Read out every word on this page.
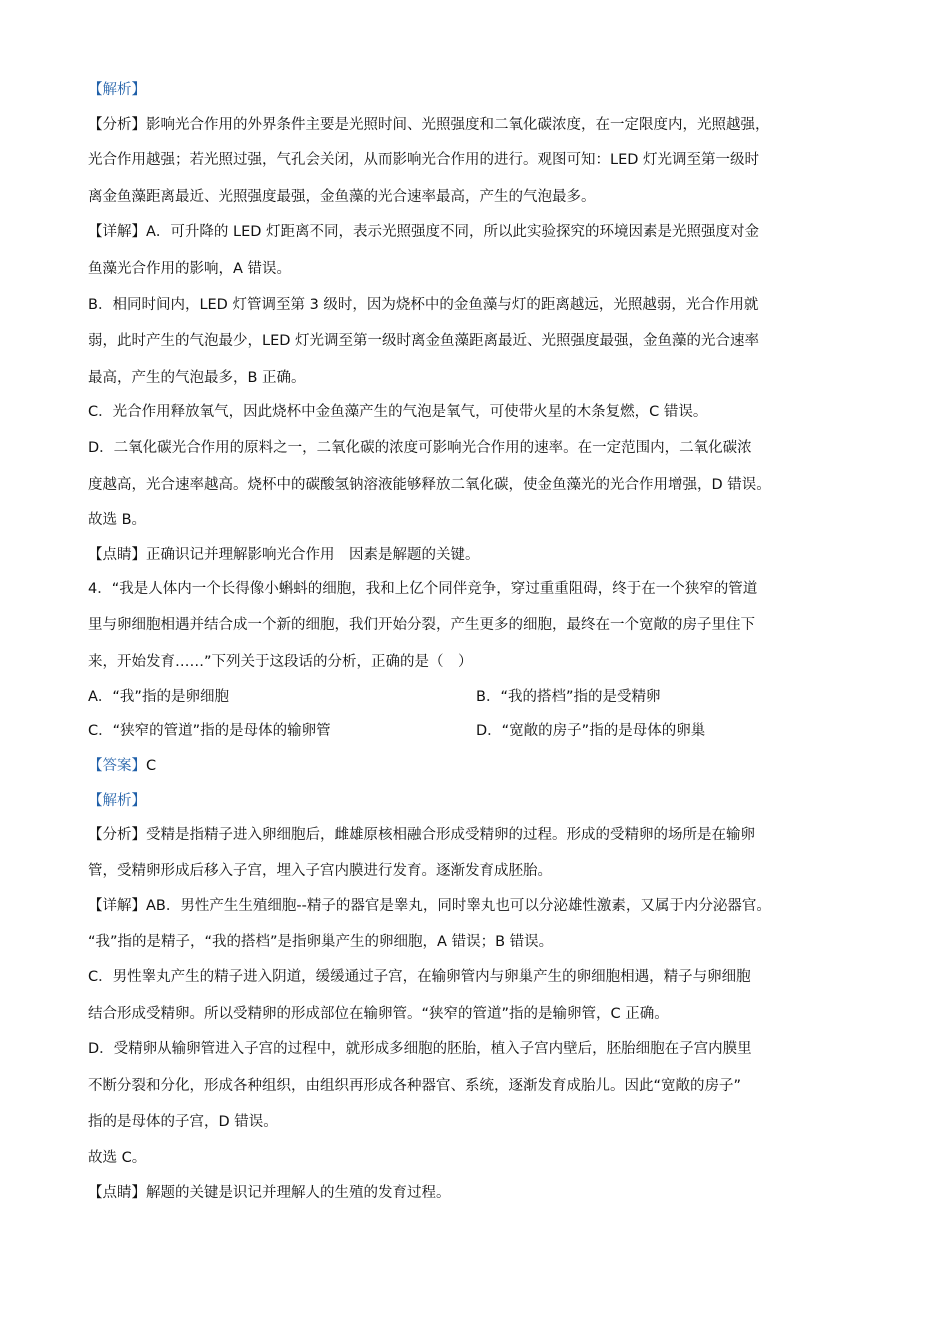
【解析】
【分析】影响光合作用的外界条件主要是光照时间、光照强度和二氧化碳浓度，在一定限度内，光照越强，
光合作用越强；若光照过强，气孔会关闭，从而影响光合作用的进行。观图可知：LED 灯光调至第一级时
离金鱼藻距离最近、光照强度最强，金鱼藻的光合速率最高，产生的气泡最多。
【详解】A．可升降的 LED 灯距离不同，表示光照强度不同，所以此实验探究的环境因素是光照强度对金
鱼藻光合作用的影响，A 错误。
B．相同时间内，LED 灯管调至第 3 级时，因为烧杯中的金鱼藻与灯的距离越远，光照越弱，光合作用就
弱，此时产生的气泡最少，LED 灯光调至第一级时离金鱼藻距离最近、光照强度最强，金鱼藻的光合速率
最高，产生的气泡最多，B 正确。
C．光合作用释放氧气，因此烧杯中金鱼藻产生的气泡是氧气，可使带火星的木条复燃，C 错误。
D．二氧化碳光合作用的原料之一，二氧化碳的浓度可影响光合作用的速率。在一定范围内，二氧化碳浓
度越高，光合速率越高。烧杯中的碳酸氢钠溶液能够释放二氧化碳，使金鱼藻光的光合作用增强，D 错误。
故选 B。
【点睛】正确识记并理解影响光合作用　因素是解题的关键。
4．“我是人体内一个长得像小蝌蚪的细胞，我和上亿个同伴竞争，穿过重重阻碍，终于在一个狭窄的管道
里与卵细胞相遇并结合成一个新的细胞，我们开始分裂，产生更多的细胞，最终在一个宽敞的房子里住下
来，开始发育……”下列关于这段话的分析，正确的是（　）
A．“我”指的是卵细胞	B．“我的搭档”指的是受精卵
C．“狭窄的管道”指的是母体的输卵管	D．“宽敞的房子”指的是母体的卵巢
【答案】C
【解析】
【分析】受精是指精子进入卵细胞后，雌雄原核相融合形成受精卵的过程。形成的受精卵的场所是在输卵
管，受精卵形成后移入子宫，埋入子宫内膜进行发育。逐渐发育成胚胎。
【详解】AB．男性产生生殖细胞--精子的器官是睾丸，同时睾丸也可以分泌雄性激素，又属于内分泌器官。
“我”指的是精子，“我的搭档”是指卵巢产生的卵细胞，A 错误；B 错误。
C．男性睾丸产生的精子进入阴道，缓缓通过子宫，在输卵管内与卵巢产生的卵细胞相遇，精子与卵细胞
结合形成受精卵。所以受精卵的形成部位在输卵管。“狭窄的管道”指的是输卵管，C 正确。
D．受精卵从输卵管进入子宫的过程中，就形成多细胞的胚胎，植入子宫内壁后，胚胎细胞在子宫内膜里
不断分裂和分化，形成各种组织，由组织再形成各种器官、系统，逐渐发育成胎儿。因此“宽敞的房子”
指的是母体的子宫，D 错误。
故选 C。
【点睛】解题的关键是识记并理解人的生殖的发育过程。
